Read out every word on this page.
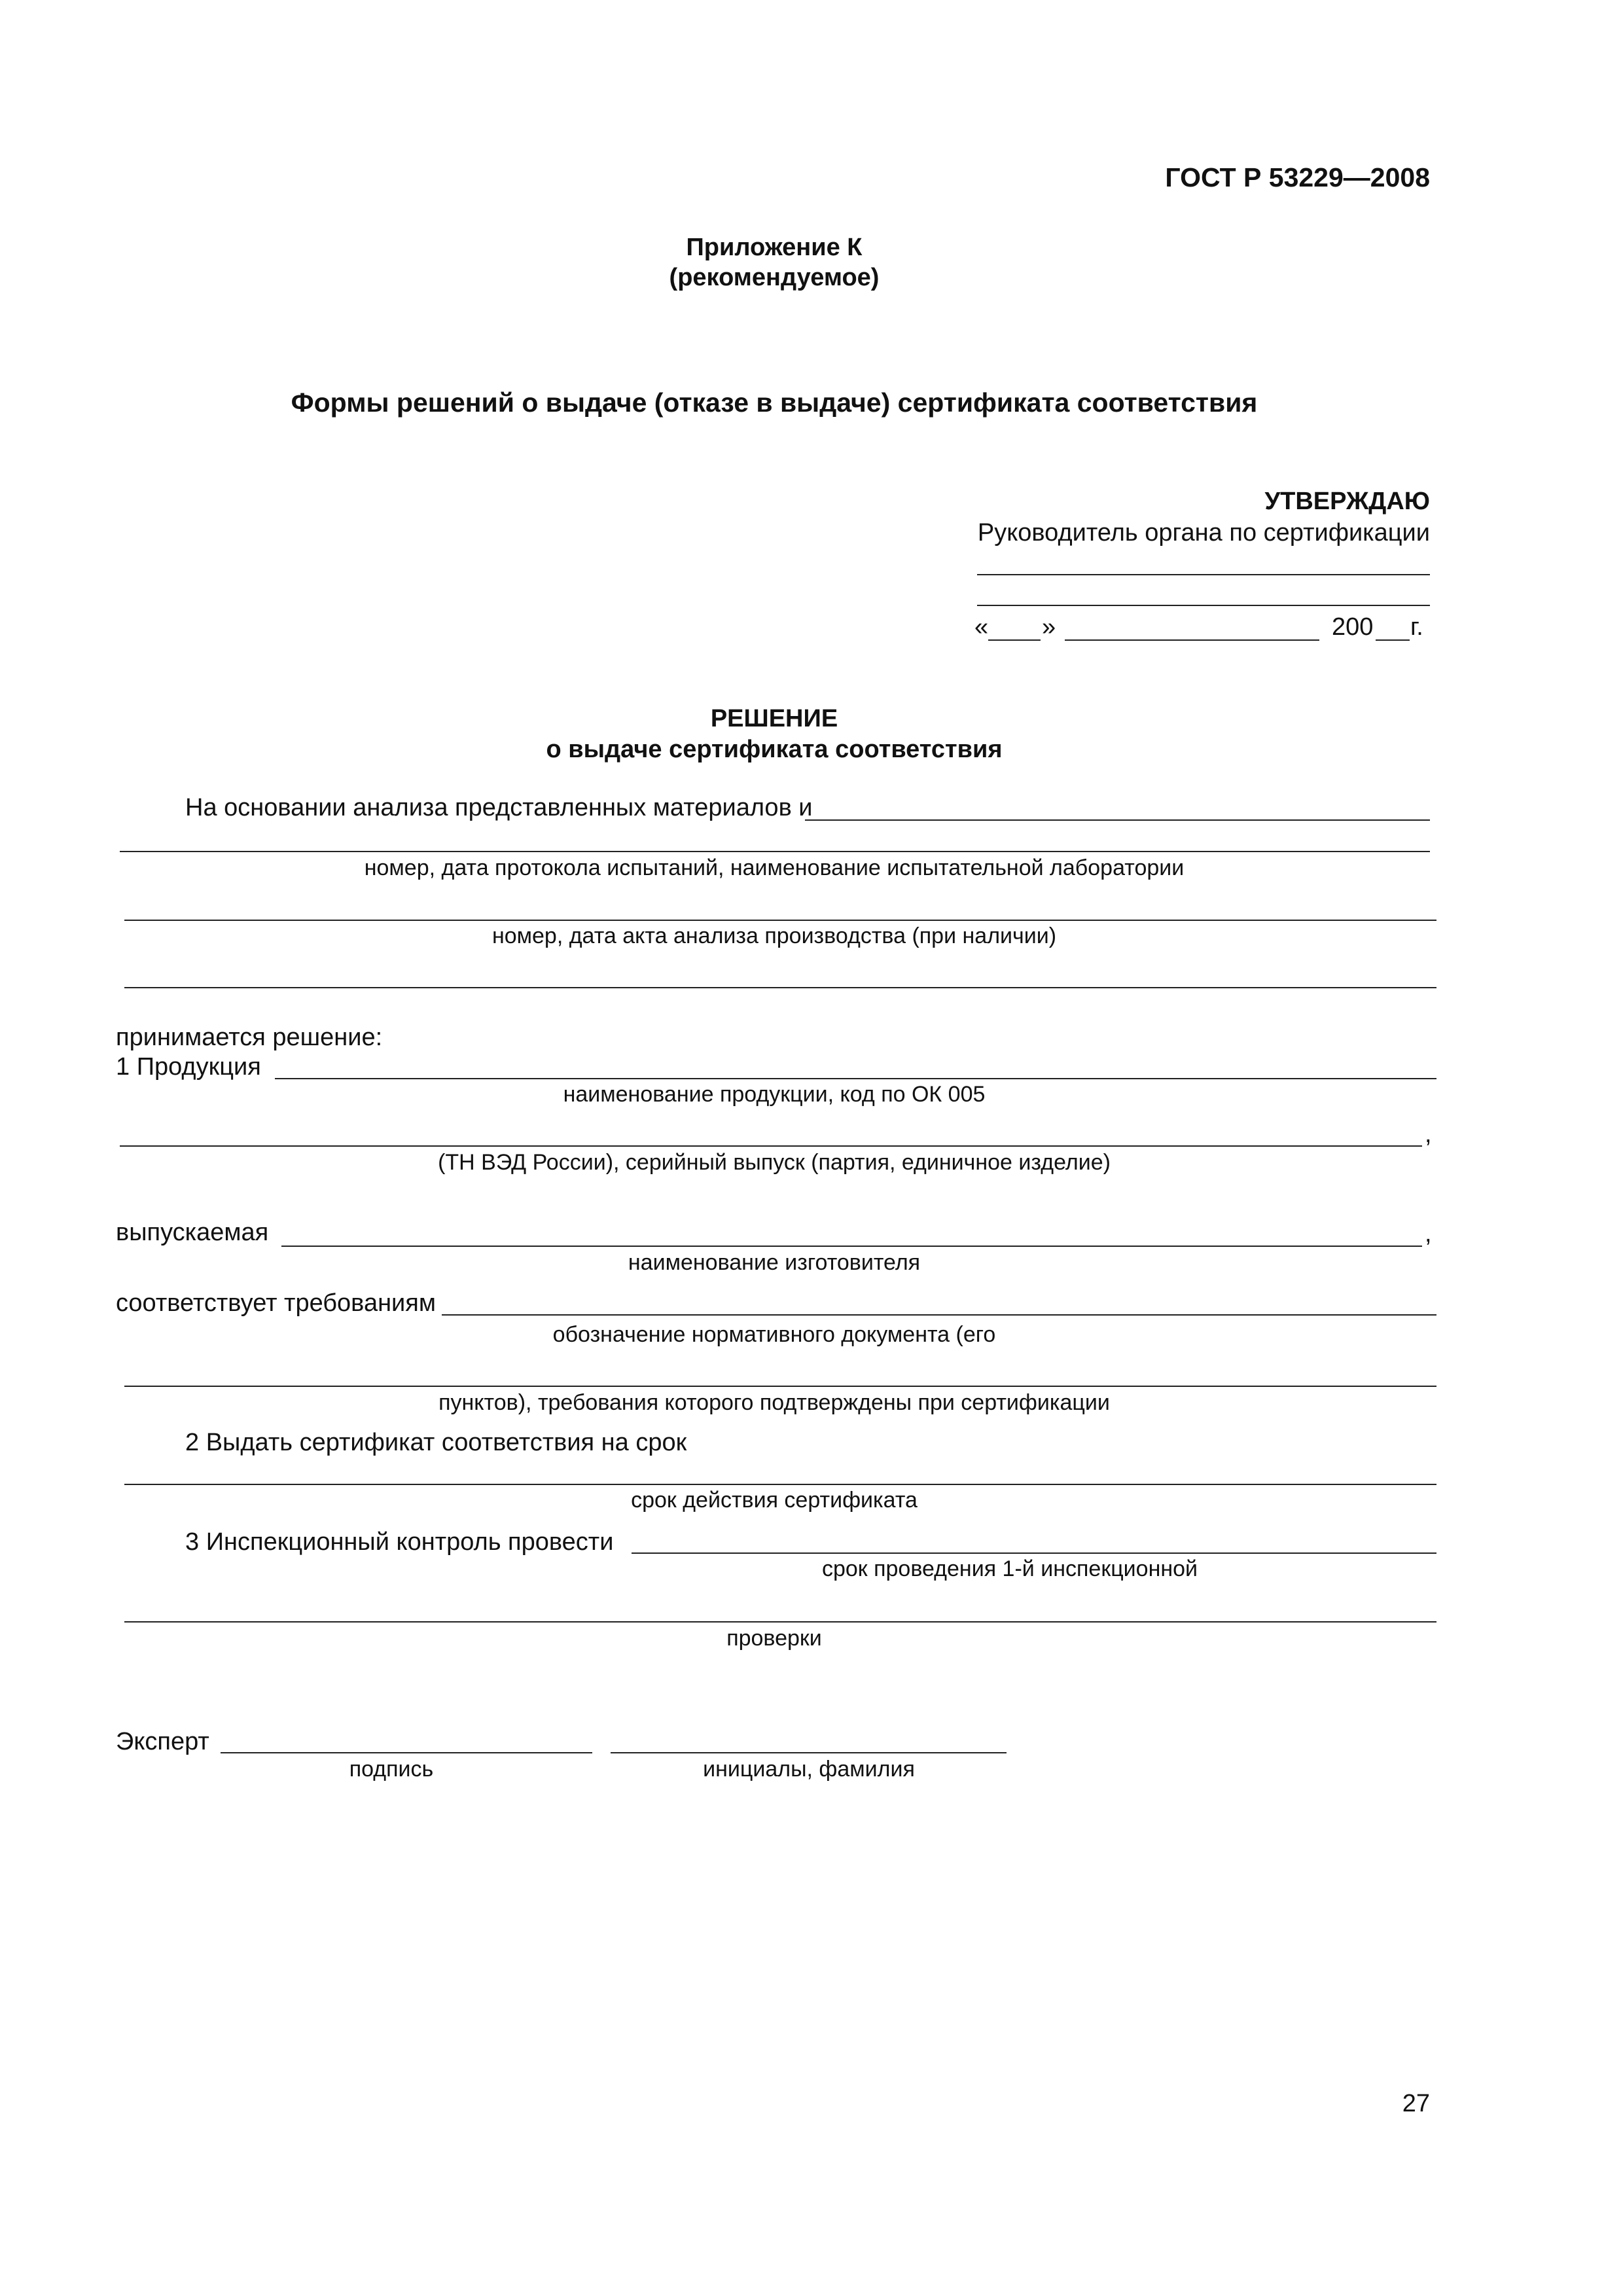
ГОСТ Р 53229—2008
Приложение К
(рекомендуемое)
Формы решений о выдаче (отказе в выдаче) сертификата соответствия
УТВЕРЖДАЮ
Руководитель органа по сертификации
« »	200 г.
РЕШЕНИЕ
о выдаче сертификата соответствия
На основании анализа представленных материалов и
номер, дата протокола испытаний, наименование испытательной лаборатории
номер, дата акта анализа производства (при наличии)
принимается решение:
1 Продукция
наименование продукции, код по ОК 005
,
(ТН ВЭД России), серийный выпуск (партия, единичное изделие)
выпускаемая	,
наименование изготовителя
соответствует требованиям
обозначение нормативного документа (его
пунктов), требования которого подтверждены при сертификации
2 Выдать сертификат соответствия на срок
срок действия сертификата
3 Инспекционный контроль провести
срок проведения 1-й инспекционной
проверки
Эксперт
подпись	инициалы, фамилия
27
